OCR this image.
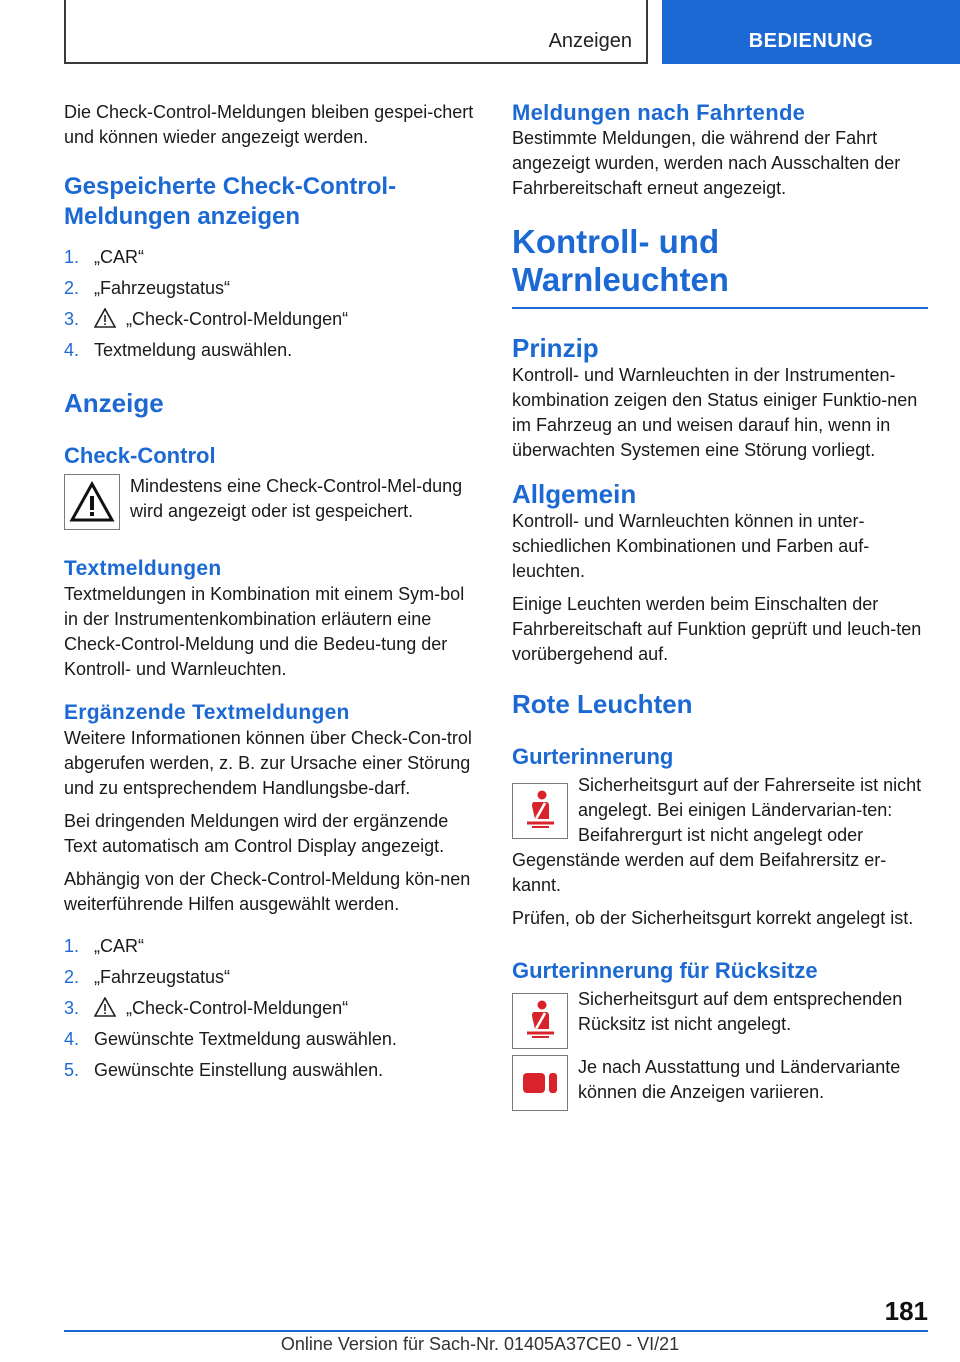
Anzeigen	BEDIENUNG

Die Check-Control-Meldungen bleiben gespei-chert und können wieder angezeigt werden.

Gespeicherte Check-Control-Meldungen anzeigen
1. „CAR“
2. „Fahrzeugstatus“
3.	„Check-Control-Meldungen“
4. Textmeldung auswählen.
Anzeige
Check-Control
Mindestens eine Check-Control-Mel-dung wird angezeigt oder ist gespeichert.
Textmeldungen

Textmeldungen in Kombination mit einem Sym-bol in der Instrumentenkombination erläutern eine Check-Control-Meldung und die Bedeu-tung der Kontroll- und Warnleuchten.

Ergänzende Textmeldungen

Weitere Informationen können über Check-Con-trol abgerufen werden, z. B. zur Ursache einer Störung und zu entsprechendem Handlungsbe-darf.

Bei dringenden Meldungen wird der ergänzende Text automatisch am Control Display angezeigt.

Abhängig von der Check-Control-Meldung kön-nen weiterführende Hilfen ausgewählt werden.

1. „CAR“
2. „Fahrzeugstatus“
3.	„Check-Control-Meldungen“
4. Gewünschte Textmeldung auswählen.
5. Gewünschte Einstellung auswählen.
Meldungen nach Fahrtende

Bestimmte Meldungen, die während der Fahrt angezeigt wurden, werden nach Ausschalten der Fahrbereitschaft erneut angezeigt.

Kontroll- und Warnleuchten
Prinzip

Kontroll- und Warnleuchten in der Instrumenten-kombination zeigen den Status einiger Funktio-nen im Fahrzeug an und weisen darauf hin, wenn in überwachten Systemen eine Störung vorliegt.

Allgemein

Kontroll- und Warnleuchten können in unter-schiedlichen Kombinationen und Farben auf-leuchten.

Einige Leuchten werden beim Einschalten der Fahrbereitschaft auf Funktion geprüft und leuch-ten vorübergehend auf.

Rote Leuchten
Gurterinnerung
Sicherheitsgurt auf der Fahrerseite ist nicht angelegt. Bei einigen Ländervarian-ten: Beifahrergurt ist nicht angelegt oder

Gegenstände werden auf dem Beifahrersitz er-kannt.

Prüfen, ob der Sicherheitsgurt korrekt angelegt ist.

Gurterinnerung für Rücksitze
Sicherheitsgurt auf dem entsprechenden Rücksitz ist nicht angelegt.
Je nach Ausstattung und Ländervariante können die Anzeigen variieren.
181
Online Version für Sach-Nr. 01405A37CE0 - VI/21
